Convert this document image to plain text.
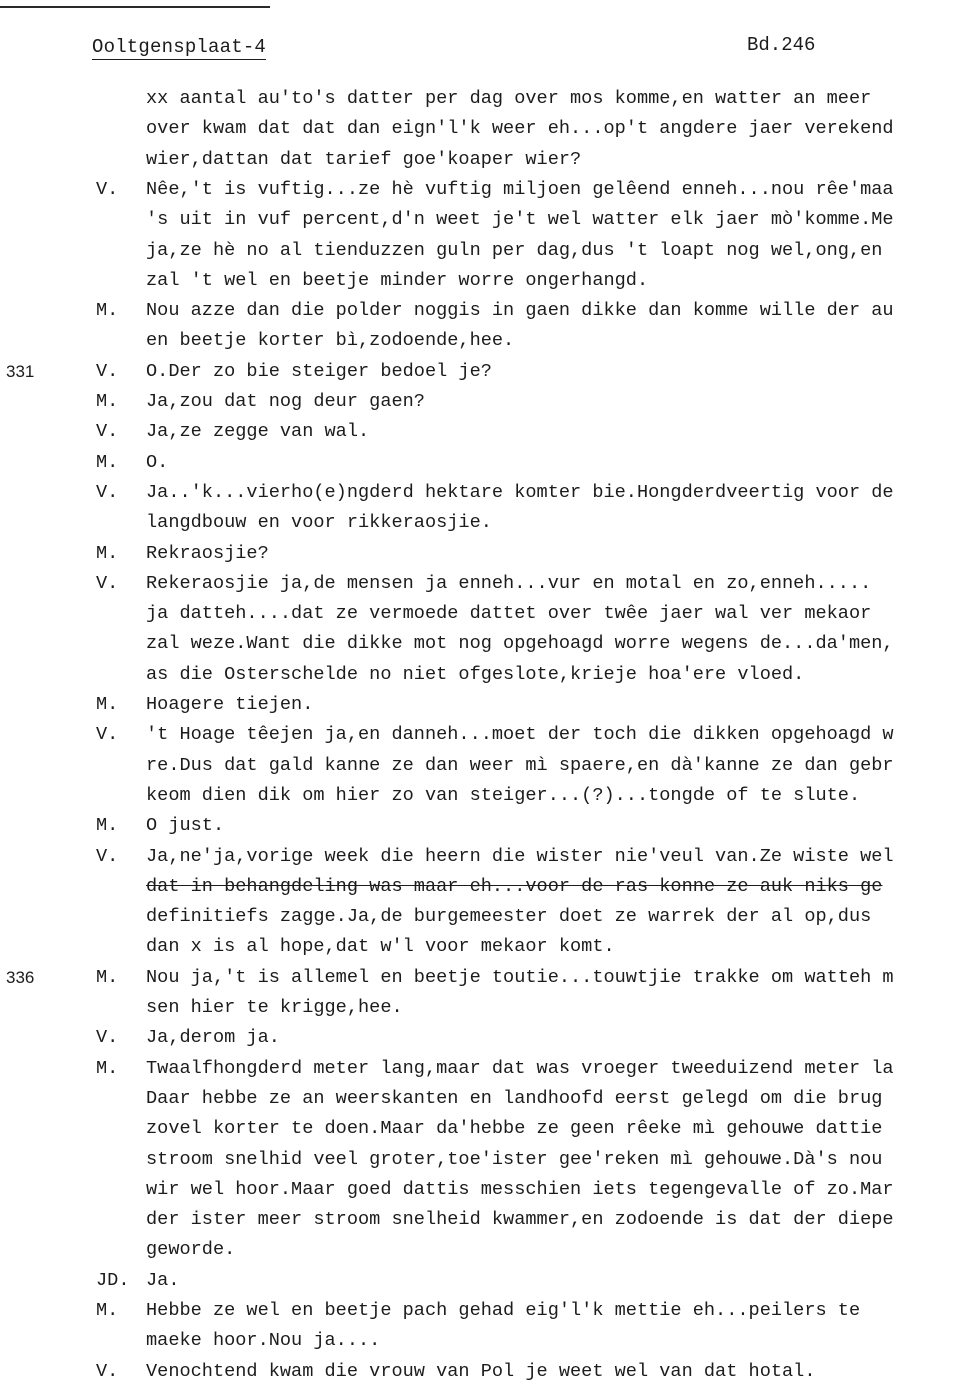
Ooltgensplaat-4	Bd.246
xx aantal au'to's datter per dag over mos komme,en watter an meer
over kwam dat dat dan eign'l'k weer eh...op't angdere jaer verekend
wier,dattan dat tarief goe'koaper wier?
V.	Nêe,'t is vuftig...ze hè vuftig miljoen gelêend enneh...nou rêe'maa
's uit in vuf percent,d'n weet je't wel watter elk jaer mò'komme.Me
ja,ze hè no al tienduzzen guln per dag,dus 't loapt nog wel,ong,en
zal 't wel en beetje minder worre ongerhangd.
M.	Nou azze dan die polder noggis in gaen dikke dan komme wille der au
en beetje korter bì,zodoende,hee.
331	V.	O.Der zo bie steiger bedoel je?
M.	Ja,zou dat nog deur gaen?
V.	Ja,ze zegge van wal.
M.	O.
V.	Ja..'k...vierho(e)ngderd hektare komter bie.Hongderdveertig voor de
langdbouw en voor rikkeraosjie.
M.	Rekraosjie?
V.	Rekeraosjie ja,de mensen ja enneh...vur en motal en zo,enneh.....
ja datteh....dat ze vermoede dattet over twêe jaer wal ver mekaor
zal weze.Want die dikke mot nog opgehoagd worre wegens de...da'men,
as die Osterschelde no niet ofgeslote,krieje hoa'ere vloed.
M.	Hoagere tiejen.
V.	't Hoage têejen ja,en danneh...moet der toch die dikken opgehoagd w
re.Dus dat gald kanne ze dan weer mì spaere,en dà'kanne ze dan gebr
keom dien dik om hier zo van steiger...(?)...tongde of te slute.
M.	O just.
V.	Ja,ne'ja,vorige week die heern die wister nie'veul van.Ze wiste wel
dat in behangdeling was maar eh...voor de ras konne ze auk niks ge
definitiefs zagge.Ja,de burgemeester doet ze warrek der al op,dus
dan x is al hope,dat w'l voor mekaor komt.
336	M.	Nou ja,'t is allemel en beetje toutie...touwtjie trakke om watteh m
sen hier te krigge,hee.
V.	Ja,derom ja.
M.	Twaalfhongderd meter lang,maar dat was vroeger tweeduizend meter la
Daar hebbe ze an weerskanten en landhoofd eerst gelegd om die brug
zovel korter te doen.Maar da'hebbe ze geen rêeke mì gehouwe dattie
stroom snelhid veel groter,toe'ister gee'reken mì gehouwe.Dà's nou
wir wel hoor.Maar goed dattis messchien iets tegengevalle of zo.Mar
der ister meer stroom snelheid kwammer,en zodoende is dat der diepe
geworde.
JD. Ja.
M.	Hebbe ze wel en beetje pach gehad eig'l'k mettie eh...peilers te
maeke hoor.Nou ja....
V.	Venochtend kwam die vrouw van Pol je weet wel van dat hotal.
